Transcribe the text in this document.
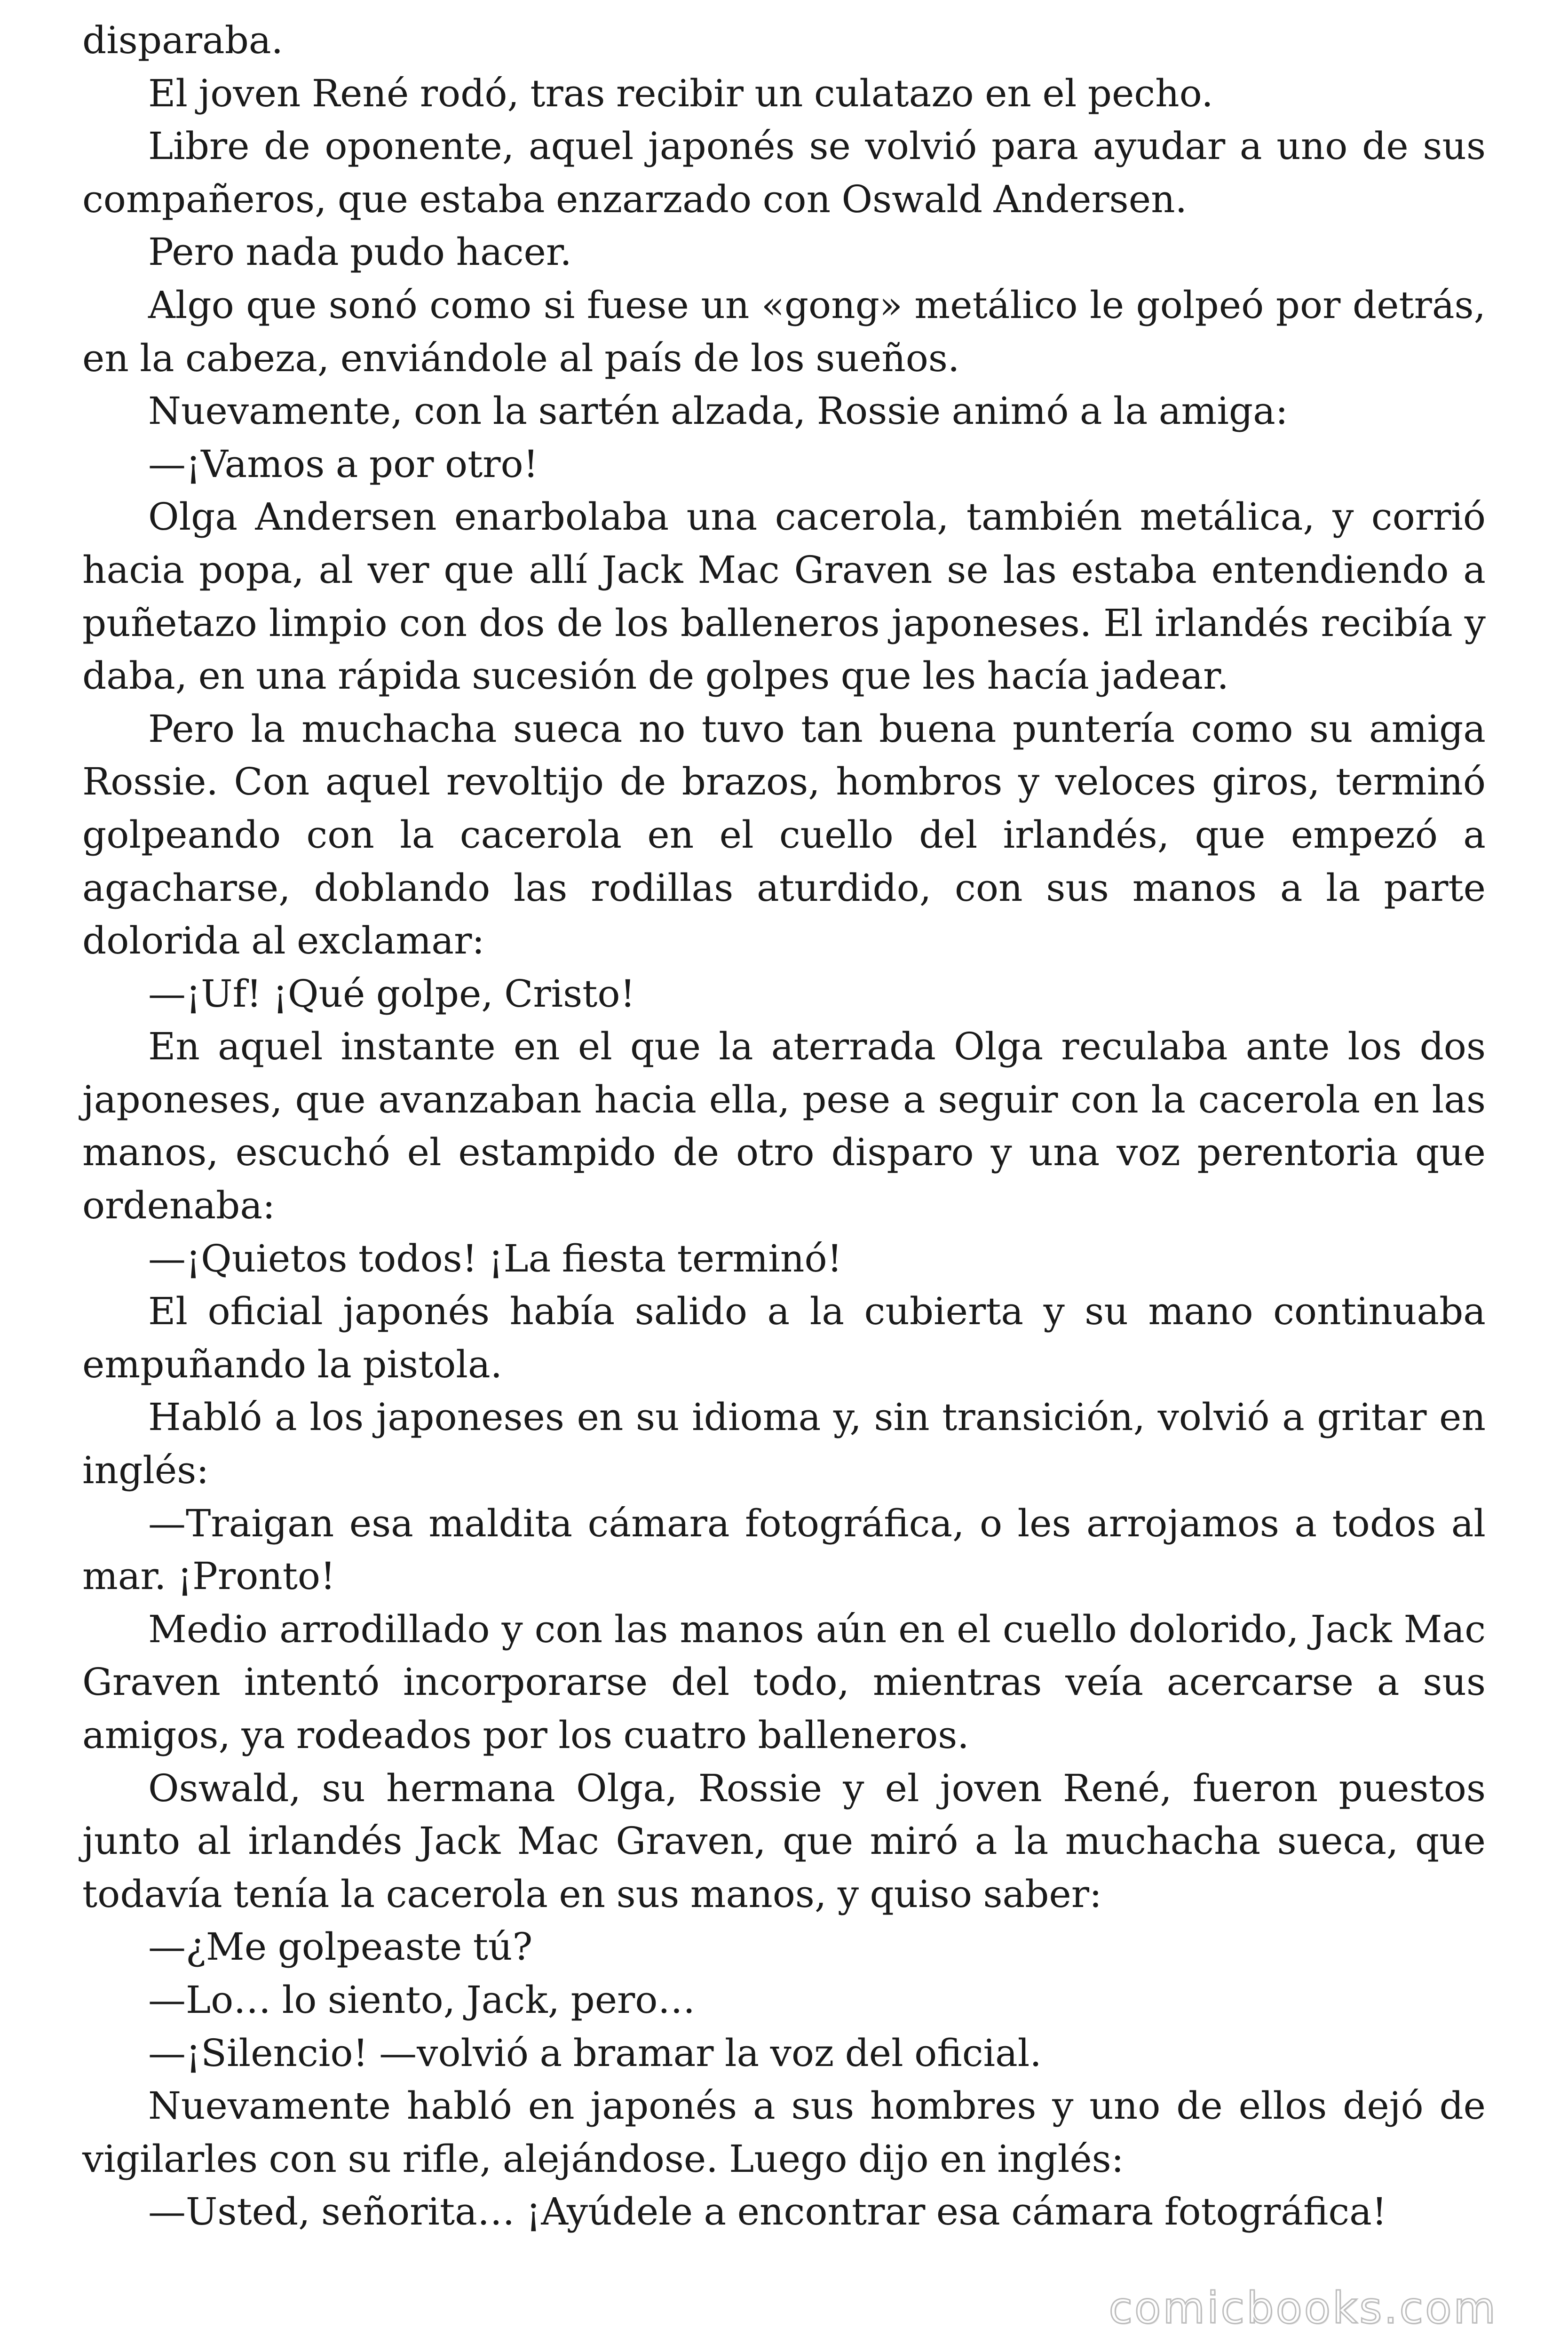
disparaba.

El joven René rodó, tras recibir un culatazo en el pecho.

Libre de oponente, aquel japonés se volvió para ayudar a uno de sus compañeros, que estaba enzarzado con Oswald Andersen.

Pero nada pudo hacer.

Algo que sonó como si fuese un «gong» metálico le golpeó por detrás, en la cabeza, enviándole al país de los sueños.

Nuevamente, con la sartén alzada, Rossie animó a la amiga:

—¡Vamos a por otro!

Olga Andersen enarbolaba una cacerola, también metálica, y corrió hacia popa, al ver que allí Jack Mac Graven se las estaba entendiendo a puñetazo limpio con dos de los balleneros japoneses. El irlandés recibía y daba, en una rápida sucesión de golpes que les hacía jadear.

Pero la muchacha sueca no tuvo tan buena puntería como su amiga Rossie. Con aquel revoltijo de brazos, hombros y veloces giros, terminó golpeando con la cacerola en el cuello del irlandés, que empezó a agacharse, doblando las rodillas aturdido, con sus manos a la parte dolorida al exclamar:

—¡Uf! ¡Qué golpe, Cristo!

En aquel instante en el que la aterrada Olga reculaba ante los dos japoneses, que avanzaban hacia ella, pese a seguir con la cacerola en las manos, escuchó el estampido de otro disparo y una voz perentoria que ordenaba:

—¡Quietos todos! ¡La fiesta terminó!

El oficial japonés había salido a la cubierta y su mano continuaba empuñando la pistola.

Habló a los japoneses en su idioma y, sin transición, volvió a gritar en inglés:

—Traigan esa maldita cámara fotográfica, o les arrojamos a todos al mar. ¡Pronto!

Medio arrodillado y con las manos aún en el cuello dolorido, Jack Mac Graven intentó incorporarse del todo, mientras veía acercarse a sus amigos, ya rodeados por los cuatro balleneros.

Oswald, su hermana Olga, Rossie y el joven René, fueron puestos junto al irlandés Jack Mac Graven, que miró a la muchacha sueca, que todavía tenía la cacerola en sus manos, y quiso saber:

—¿Me golpeaste tú?

—Lo… lo siento, Jack, pero…

—¡Silencio! —volvió a bramar la voz del oficial.

Nuevamente habló en japonés a sus hombres y uno de ellos dejó de vigilarles con su rifle, alejándose. Luego dijo en inglés:

—Usted, señorita… ¡Ayúdele a encontrar esa cámara fotográfica!

comicbooks.com
